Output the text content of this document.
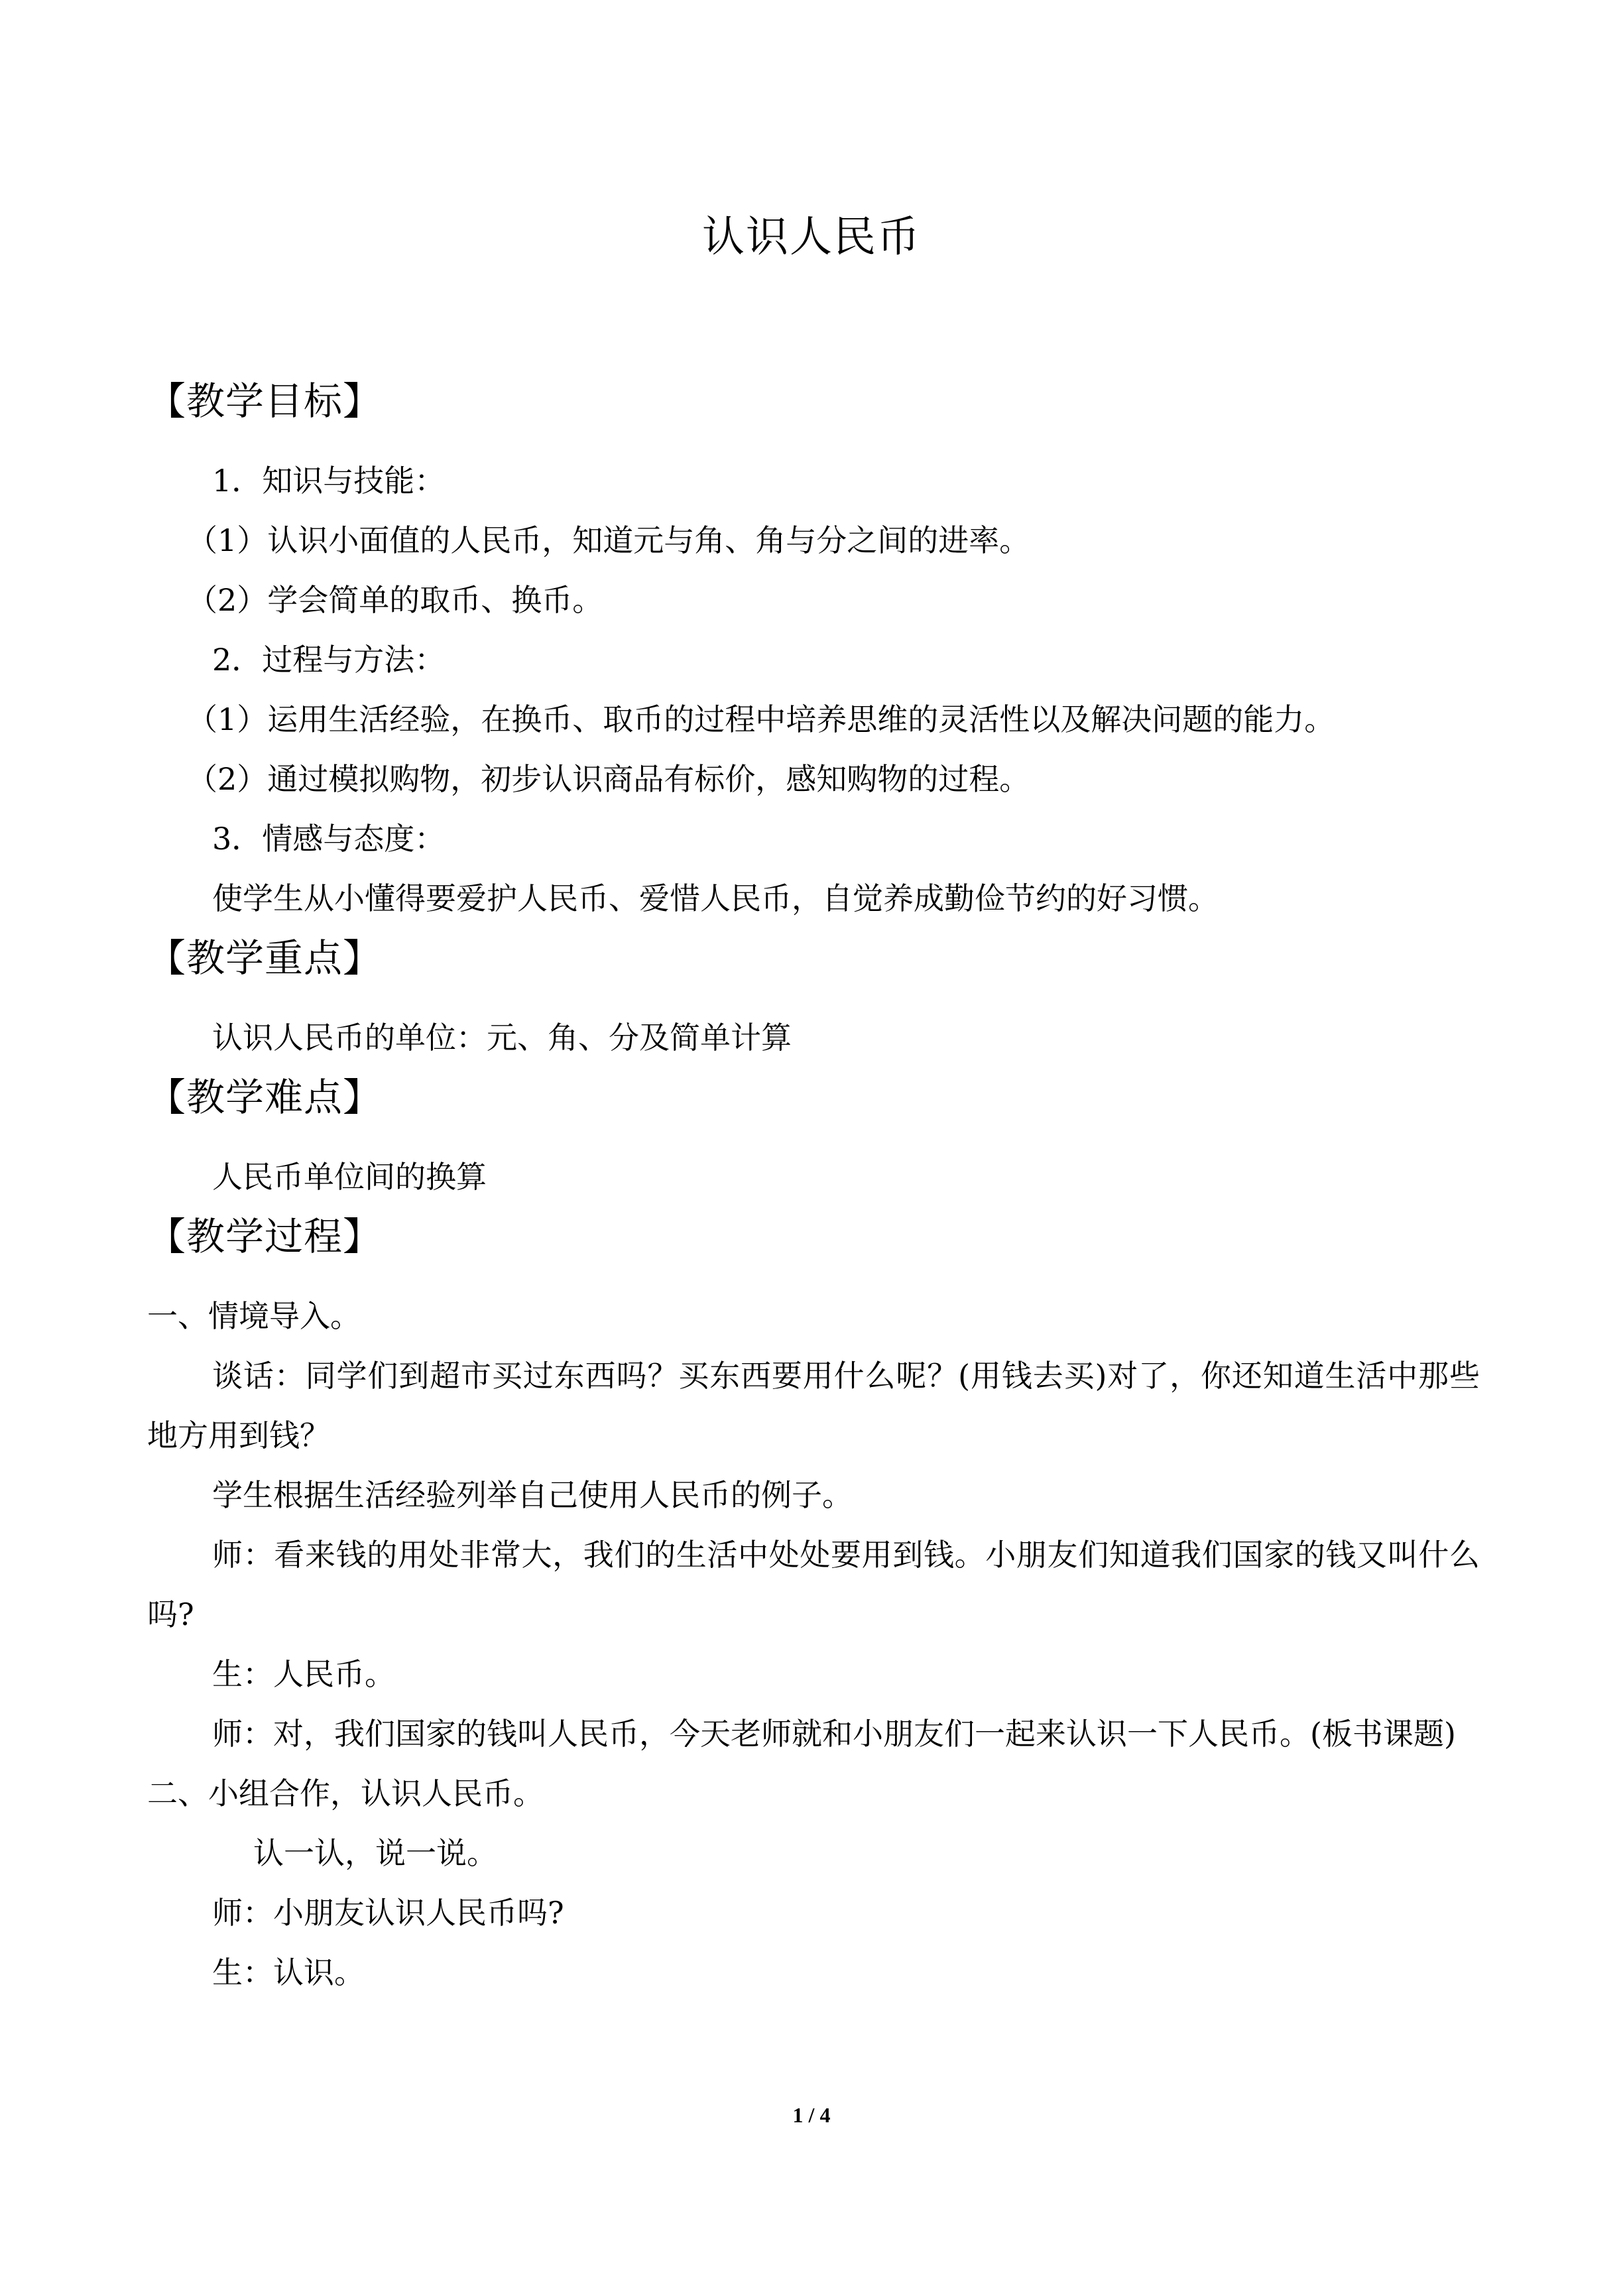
认识人民币
【教学目标】

1．知识与技能：

（1）认识小面值的人民币，知道元与角、角与分之间的进率。

（2）学会简单的取币、换币。

2．过程与方法：

（1）运用生活经验，在换币、取币的过程中培养思维的灵活性以及解决问题的能力。

（2）通过模拟购物，初步认识商品有标价，感知购物的过程。

3．情感与态度：

使学生从小懂得要爱护人民币、爱惜人民币，自觉养成勤俭节约的好习惯。

【教学重点】

认识人民币的单位：元、角、分及简单计算

【教学难点】

人民币单位间的换算

【教学过程】

一、情境导入。

谈话：同学们到超市买过东西吗？买东西要用什么呢？(用钱去买)对了，你还知道生活中那些地方用到钱？

学生根据生活经验列举自己使用人民币的例子。

师：看来钱的用处非常大，我们的生活中处处要用到钱。小朋友们知道我们国家的钱又叫什么吗?

生：人民币。

师：对，我们国家的钱叫人民币，今天老师就和小朋友们一起来认识一下人民币。(板书课题)

二、小组合作，认识人民币。

认一认，说一说。

师：小朋友认识人民币吗?

生：认识。

1 / 4
